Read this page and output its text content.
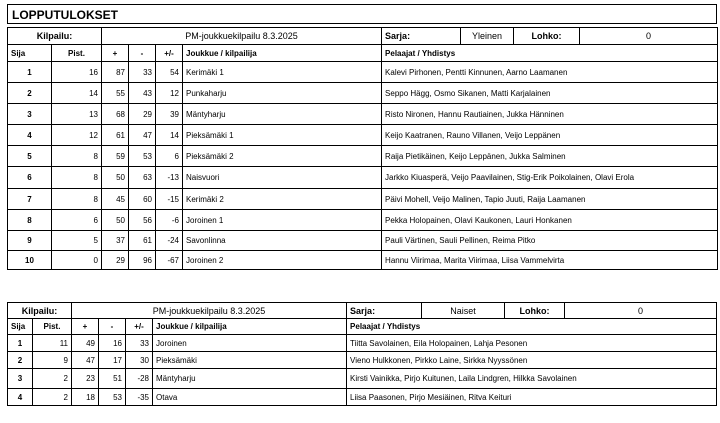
LOPPUTULOKSET
Kilpailu:		PM-joukkuekilpailu 8.3.2025				Sarja:	Yleinen	Lohko:	0
Sija	Pist.	+	-	+/-	Joukkue / kilpailija	Pelaajat / Yhdistys			
1	16	87	33	54	Kerimäki 1	Kalevi Pirhonen, Pentti Kinnunen, Aarno Laamanen			
2	14	55	43	12	Punkaharju	Seppo Hägg, Osmo Sikanen, Matti Karjalainen			
3	13	68	29	39	Mäntyharju	Risto Nironen, Hannu Rautiainen, Jukka Hänninen			
4	12	61	47	14	Pieksämäki 1	Keijo Kaatranen, Rauno Villanen, Veijo Leppänen			
5	8	59	53	6	Pieksämäki 2	Raija Pietikäinen, Keijo Leppänen, Jukka Salminen			
6	8	50	63	-13	Naisvuori	Jarkko Kiuasperä, Veijo Paavilainen, Stig-Erik Poikolainen, Olavi Erola			
7	8	45	60	-15	Kerimäki 2	Päivi Mohell, Veijo Malinen, Tapio Juuti, Raija Laamanen			
8	6	50	56	-6	Joroinen 1	Pekka Holopainen, Olavi Kaukonen, Lauri Honkanen			
9	5	37	61	-24	Savonlinna	Pauli Värtinen, Sauli Pellinen, Reima Pitko			
10	0	29	96	-67	Joroinen 2	Hannu Viirimaa, Marita Viirimaa, Liisa Vammelvirta			
Kilpailu:		PM-joukkuekilpailu 8.3.2025				Sarja:	Naiset	Lohko:	0
Sija	Pist.	+	-	+/-	Joukkue / kilpailija	Pelaajat / Yhdistys			
1	11	49	16	33	Joroinen	Tiitta Savolainen, Eila Holopainen, Lahja Pesonen			
2	9	47	17	30	Pieksämäki	Vieno Hulkkonen, Pirkko Laine, Sirkka Nyyssönen			
3	2	23	51	-28	Mäntyharju	Kirsti Vainikka, Pirjo Kuitunen, Laila Lindgren, Hilkka Savolainen			
4	2	18	53	-35	Otava	Liisa Paasonen, Pirjo Mesiäinen, Ritva Keituri			
